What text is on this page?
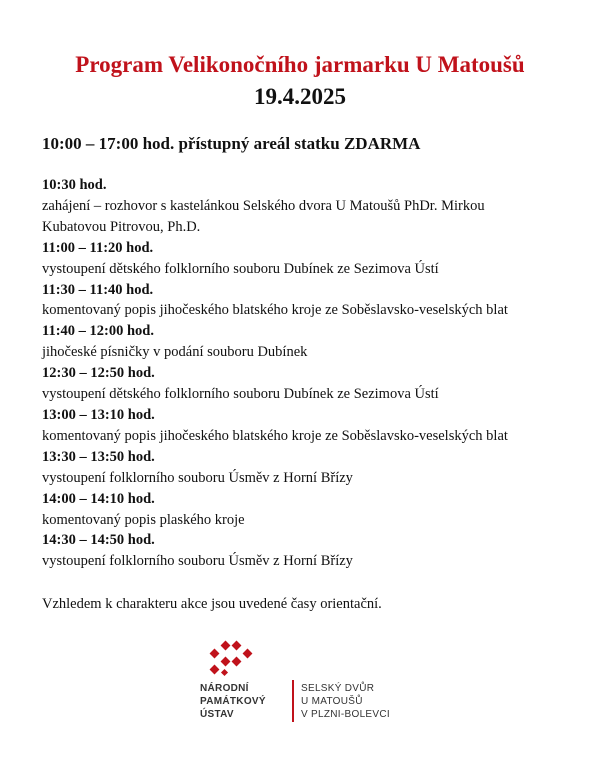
Program Velikonočního jarmarku U Matoušů
19.4.2025
10:00 – 17:00 hod. přístupný areál statku ZDARMA
10:30 hod.
zahájení – rozhovor s kastelánkou Selského dvora U Matoušů PhDr. Mirkou Kubatovou Pitrovou, Ph.D.
11:00 – 11:20 hod.
vystoupení dětského folklorního souboru Dubínek ze Sezimova Ústí
11:30 – 11:40 hod.
komentovaný popis jihočeského blatského kroje ze Soběslavsko-veselských blat
11:40 – 12:00 hod.
jihočeské písničky v podání souboru Dubínek
12:30 – 12:50 hod.
vystoupení dětského folklorního souboru Dubínek ze Sezimova Ústí
13:00 – 13:10 hod.
komentovaný popis jihočeského blatského kroje ze Soběslavsko-veselských blat
13:30 – 13:50 hod.
vystoupení folklorního souboru Úsměv z Horní Břízy
14:00 – 14:10 hod.
komentovaný popis plaského kroje
14:30 – 14:50 hod.
vystoupení folklorního souboru Úsměv z Horní Břízy
Vzhledem k charakteru akce jsou uvedené časy orientační.
NÁRODNÍ
PAMÁTKOVÝ
ÚSTAV
SELSKÝ DVŮR
U MATOUŠŮ
V PLZNI-BOLEVCI
